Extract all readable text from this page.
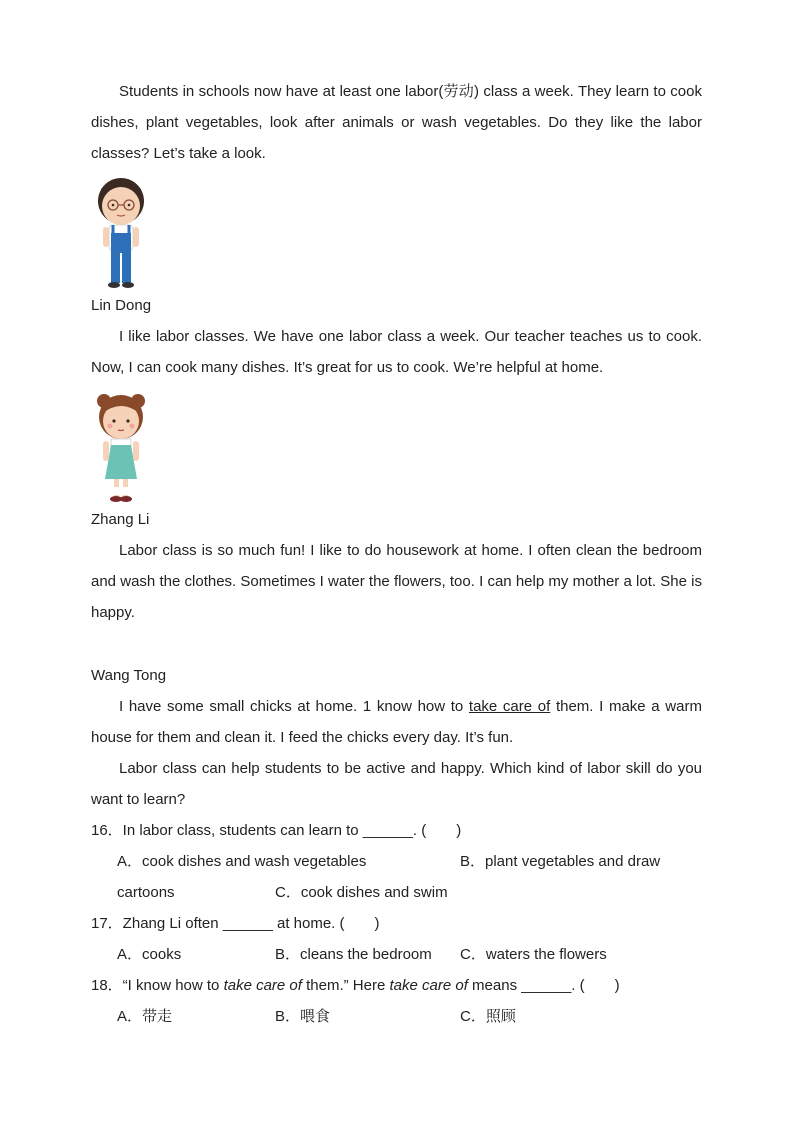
Students in schools now have at least one labor(劳动) class a week. They learn to cook dishes, plant vegetables, look after animals or wash vegetables. Do they like the labor classes? Let’s take a look.

Lin Dong

I like labor classes. We have one labor class a week. Our teacher teaches us to cook. Now, I can cook many dishes. It’s great for us to cook. We’re helpful at home.

Zhang Li

Labor class is so much fun! I like to do housework at home. I often clean the bedroom and wash the clothes. Sometimes I water the flowers, too. I can help my mother a lot. She is happy.

Wang Tong

I have some small chicks at home. 1 know how to take care of them. I make a warm house for them and clean it. I feed the chicks every day. It’s fun.

Labor class can help students to be active and happy. Which kind of labor skill do you want to learn?

16．In labor class, students can learn to ______. (　　)

A．cook dishes and wash vegetables	B．plant vegetables and draw
cartoons	C．cook dishes and swim

17．Zhang Li often ______ at home. (　　)

A．cooks	B．cleans the bedroom C．waters the flowers

18．“I know how to take care of them.” Here take care of means ______. (　　)

A．带走	B．喂食	C．照顾
